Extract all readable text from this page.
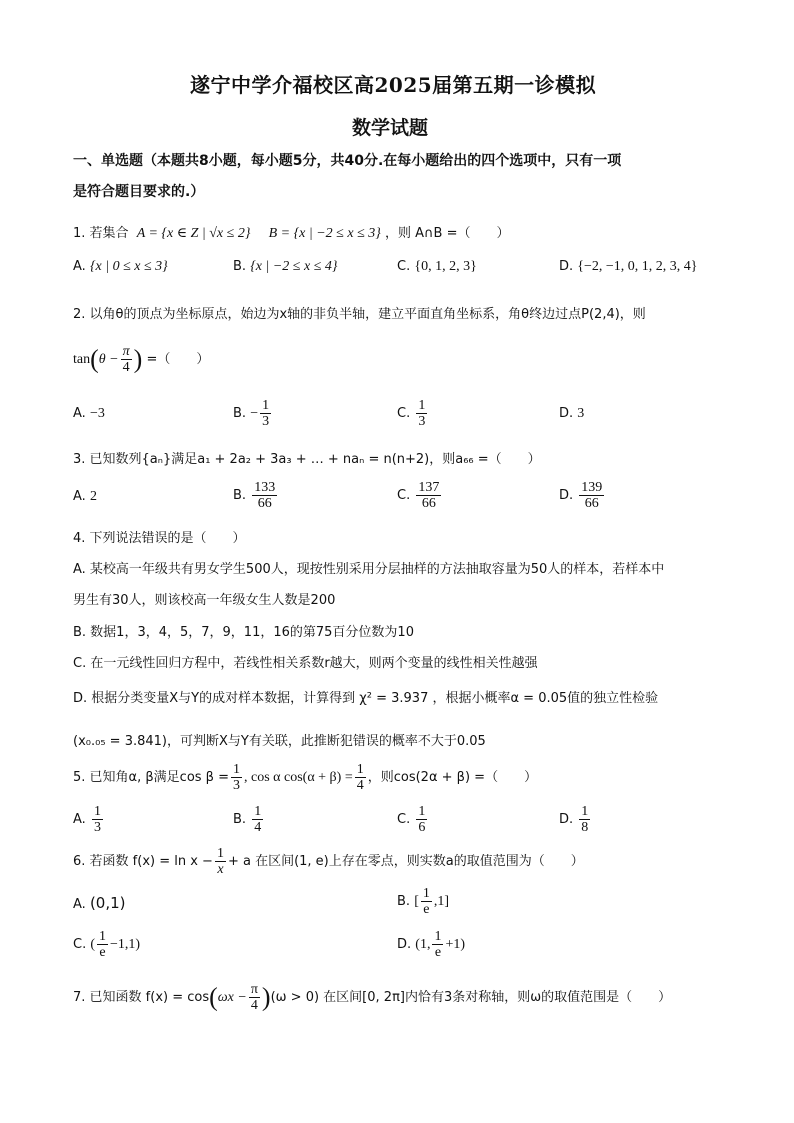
遂宁中学介福校区高2025届第五期一诊模拟
数学试题
一、单选题（本题共8小题，每小题5分，共40分.在每小题给出的四个选项中，只有一项
是符合题目要求的.）
1. 若集合 A = {x ∈ Z | √x ≤ 2} B = {x | −2 ≤ x ≤ 3} ，则 A∩B =（　　）
A. {x | 0 ≤ x ≤ 3}	B. {x | −2 ≤ x ≤ 4}	C. {0, 1, 2, 3}	D. {−2, −1, 0, 1, 2, 3, 4}
2. 以角θ的顶点为坐标原点，始边为x轴的非负半轴，建立平面直角坐标系，角θ终边过点P(2,4)，则
$\tan(\theta - \frac{\pi}{4}$ ) =（　　）
A. −3	B. − $\frac{1}{3}$	C. $\frac{1}{3}$	D. 3
3. 已知数列{aₙ}满足a₁ + 2a₂ + 3a₃ + … + naₙ = n(n+2)，则a₆₆ =（　　）
A. 2	B. $\frac{133}{66}$	C. $\frac{137}{66}$	D. $\frac{139}{66}$
4. 下列说法错误的是（　　）
A. 某校高一年级共有男女学生500人，现按性别采用分层抽样的方法抽取容量为50人的样本，若样本中
男生有30人，则该校高一年级女生人数是200
B. 数据1，3，4，5，7，9，11，16的第75百分位数为10
C. 在一元线性回归方程中，若线性相关系数r越大，则两个变量的线性相关性越强
D. 根据分类变量X与Y的成对样本数据，计算得到 χ² = 3.937 ，根据小概率α = 0.05值的独立性检验
(x₀.₀₅ = 3.841)，可判断X与Y有关联，此推断犯错误的概率不大于0.05
5. 已知角α, β满足$\cos \beta = \frac{1}{3}$ , cos α $\cos(\alpha + \beta) = \frac{1}{4}$ ，则cos(2α + β) =（　　）
A. $\frac{1}{3}$	B. $\frac{1}{4}$	C. $\frac{1}{6}$	D. $\frac{1}{8}$
6. 若函数 $f(x) = \ln x - \frac{1}{x} + a$ 在区间(1, e)上存在零点，则实数a的取值范围为（　　）
A. (0,1)	B. [ $\frac{1}{e} ,1$]
C. ( $\frac{1}{e} -1,1$)	D. (1, $\frac{1}{e} +1$)
7. 已知函数 $f(x) = \cos(\omega x - \frac{\pi}{4} )(\omega > 0)$ 在区间[0, 2π]内恰有3条对称轴，则ω的取值范围是（　　）
